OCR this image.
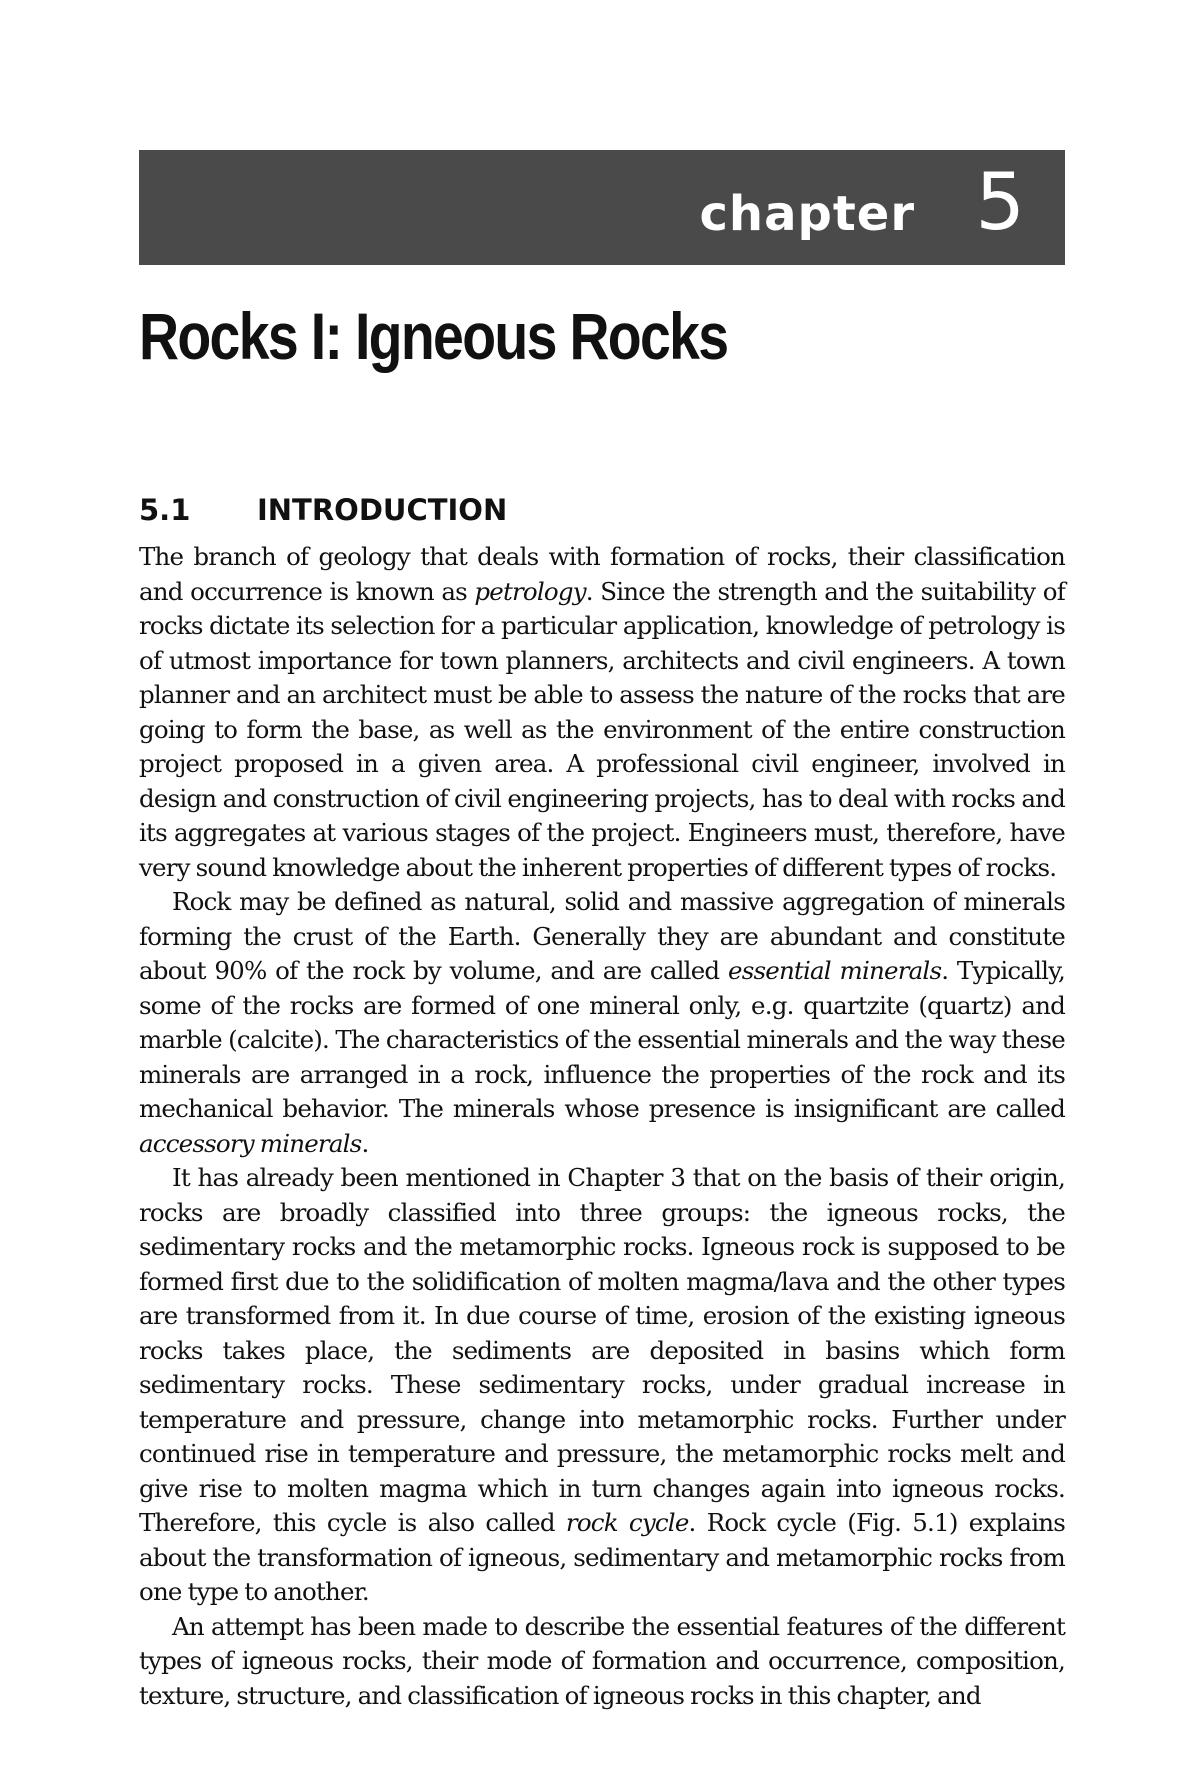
chapter 5
Rocks I: Igneous Rocks
5.1 INTRODUCTION

The branch of geology that deals with formation of rocks, their classification and occurrence is known as petrology. Since the strength and the suitability of rocks dictate its selection for a particular application, knowledge of petrology is of utmost importance for town planners, architects and civil engineers. A town planner and an architect must be able to assess the nature of the rocks that are going to form the base, as well as the environment of the entire construction project proposed in a given area. A professional civil engineer, involved in design and construction of civil engineering projects, has to deal with rocks and its aggregates at various stages of the project. Engineers must, therefore, have very sound knowledge about the inherent properties of different types of rocks.

Rock may be defined as natural, solid and massive aggregation of minerals forming the crust of the Earth. Generally they are abundant and constitute about 90% of the rock by volume, and are called essential minerals. Typically, some of the rocks are formed of one mineral only, e.g. quartzite (quartz) and marble (calcite). The characteristics of the essential minerals and the way these minerals are arranged in a rock, influence the properties of the rock and its mechanical behavior. The minerals whose presence is insignificant are called accessory minerals.

It has already been mentioned in Chapter 3 that on the basis of their origin, rocks are broadly classified into three groups: the igneous rocks, the sedimentary rocks and the metamorphic rocks. Igneous rock is supposed to be formed first due to the solidification of molten magma/lava and the other types are transformed from it. In due course of time, erosion of the existing igneous rocks takes place, the sediments are deposited in basins which form sedimentary rocks. These sedimentary rocks, under gradual increase in temperature and pressure, change into metamorphic rocks. Further under continued rise in temperature and pressure, the metamorphic rocks melt and give rise to molten magma which in turn changes again into igneous rocks. Therefore, this cycle is also called rock cycle. Rock cycle (Fig. 5.1) explains about the transformation of igneous, sedimentary and metamorphic rocks from one type to another.

An attempt has been made to describe the essential features of the different types of igneous rocks, their mode of formation and occurrence, composition, texture, structure, and classification of igneous rocks in this chapter, and
